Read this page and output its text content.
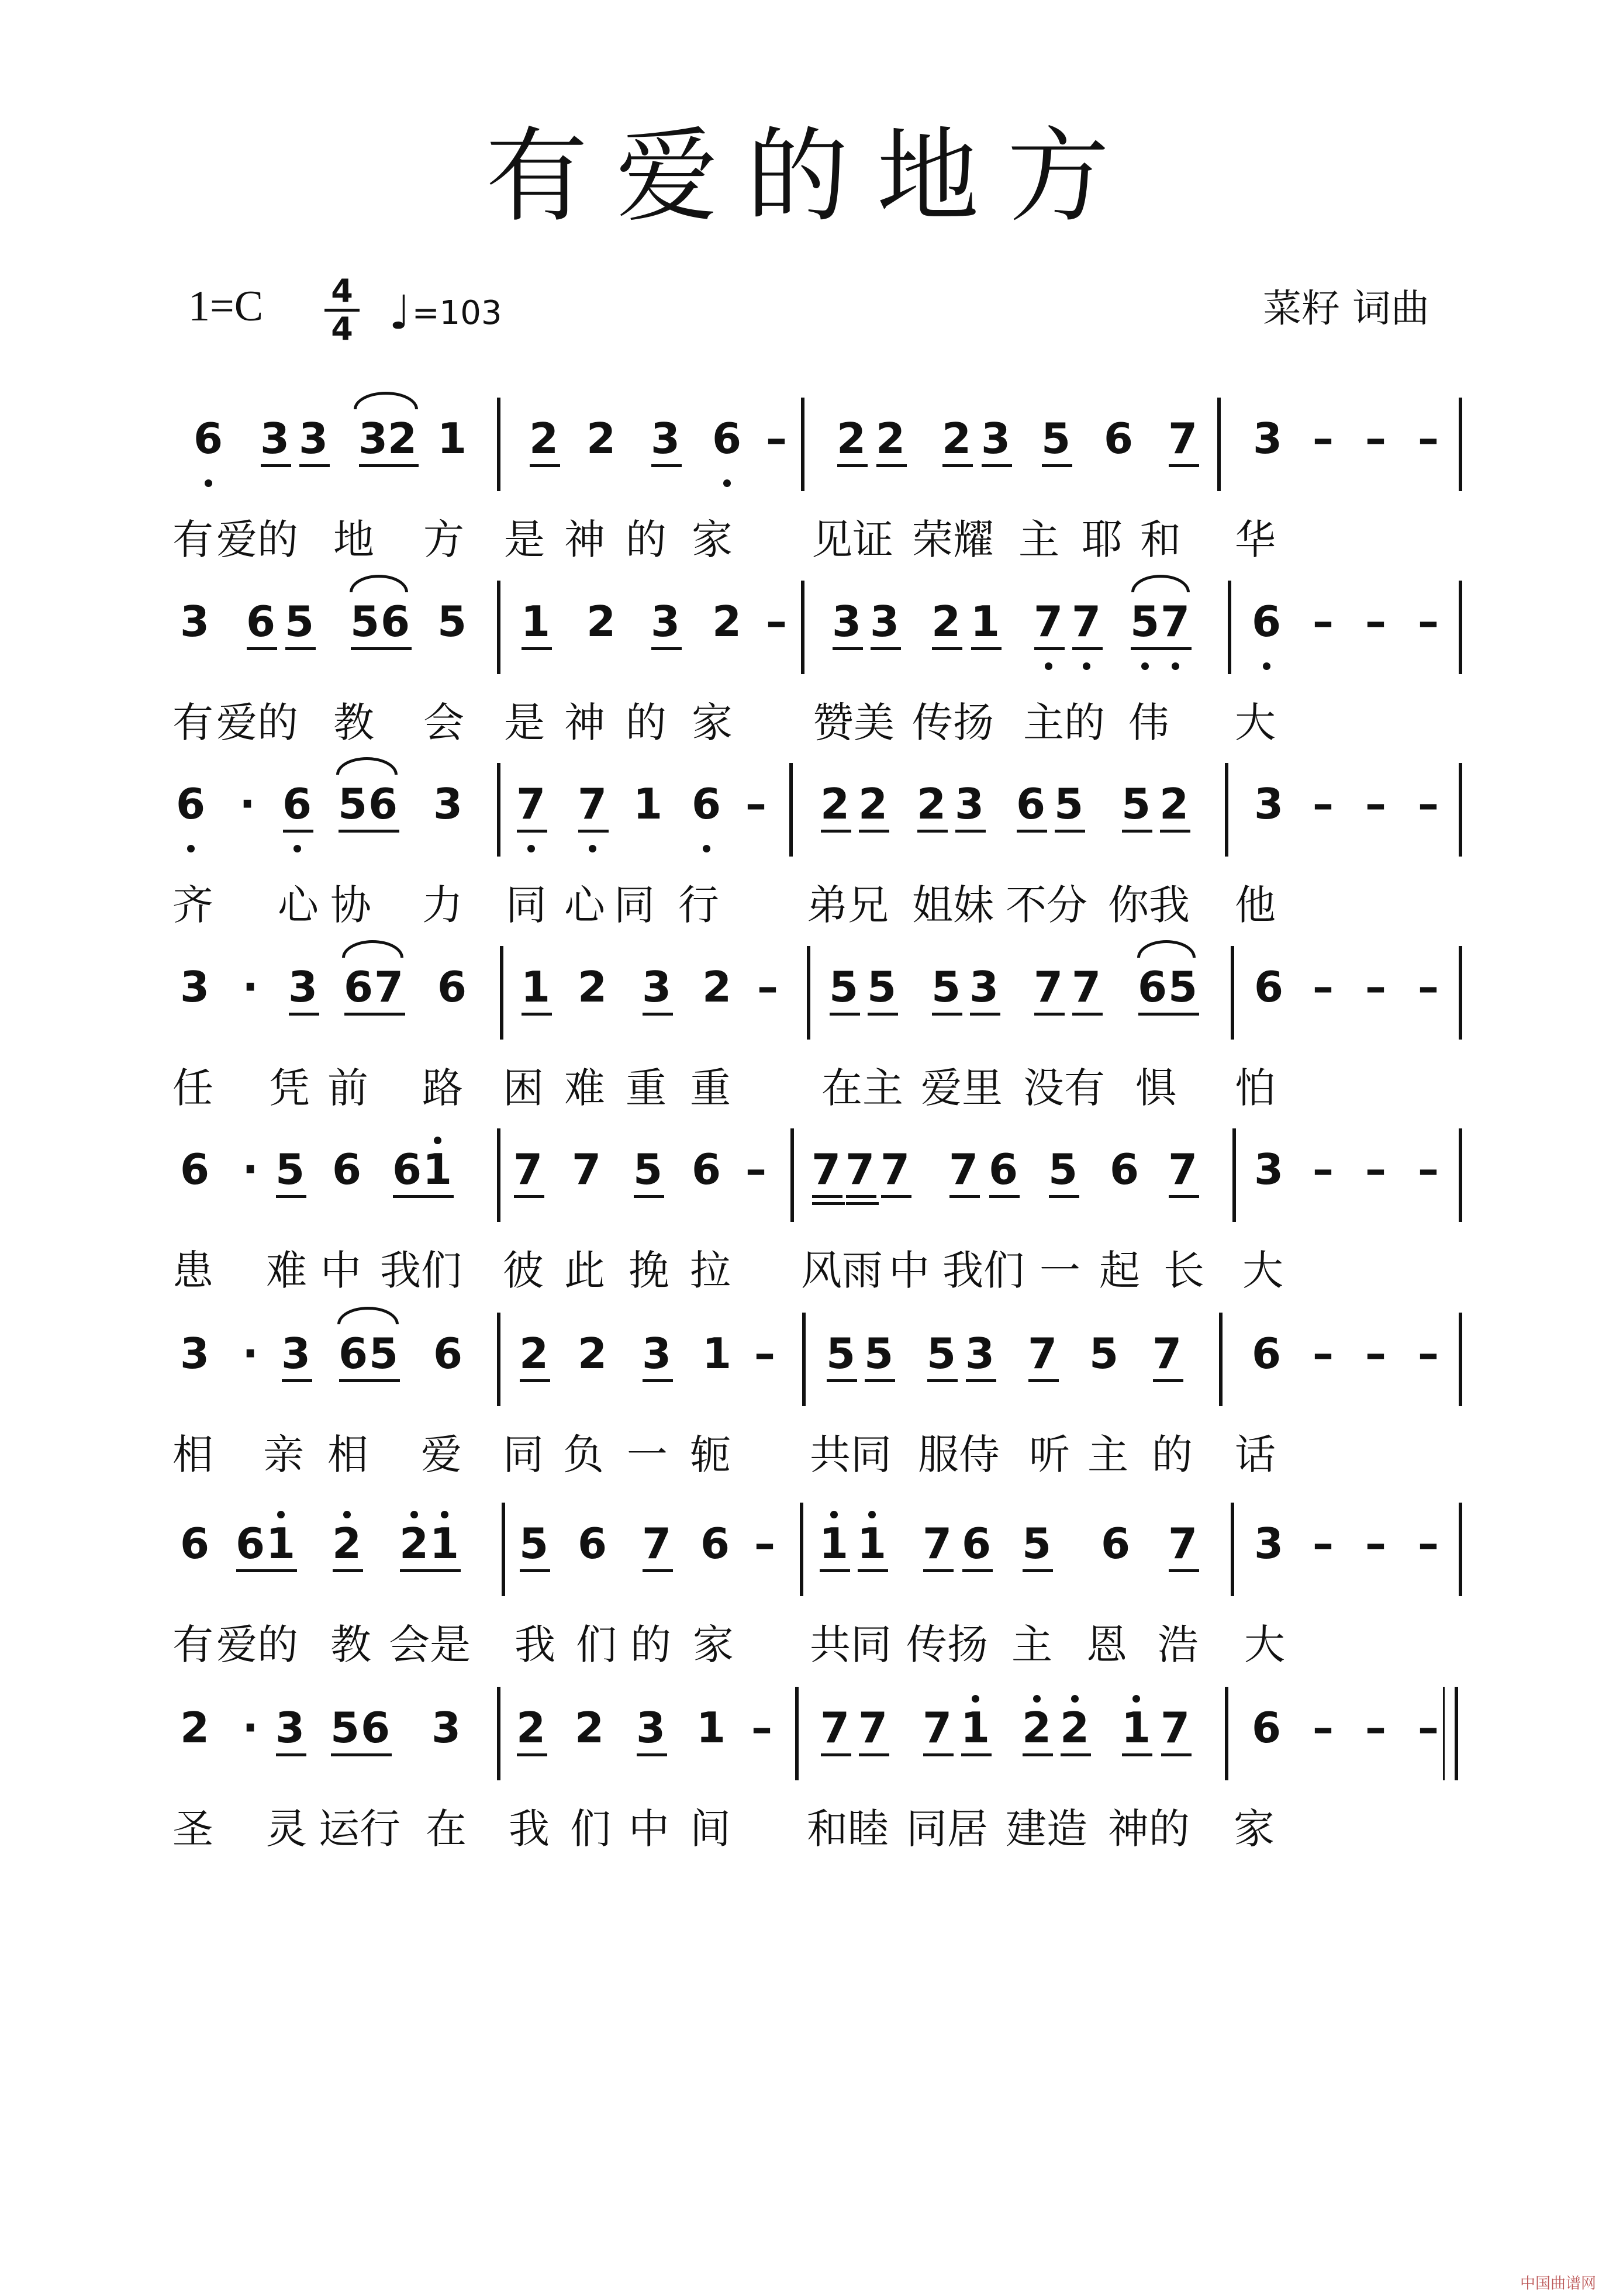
有爱的地方
1=C 4
4 ♩=103	菜籽 词曲
6 3 3 3 2 1 2 2 3 6 – 2 2 2 3 5 6 7 3 – – –
有 爱的 地 方 是 神 的 家 见证 荣耀 主 耶 和 华
3 6 5 5 6 5 1 2 3 2 – 3 3 2 1 7 7 5 7 6 – – –
有 爱的 教 会 是 神 的 家 赞美 传扬 主的 伟 大
6 · 6 5 6 3 7 7 1 6 – 2 2 2 3 6 5 5 2 3 – – –
齐 心 协 力 同 心 同 行 弟兄 姐妹 不分 你我 他
3 · 3 6 7 6 1 2 3 2 – 5 5 5 3 7 7 6 5 6 – – –
任 凭 前 路 困 难 重 重 在主 爱里 没有 惧 怕
6 · 5 6 6 1 7 7 5 6 – 7 7 7 7 6 5 6 7 3 – – –
患 难 中 我们 彼 此 挽 拉 风雨 中 我们 一 起 长 大
3 · 3 6 5 6 2 2 3 1 – 5 5 5 3 7 5 7 6 – – –
相 亲 相 爱 同 负 一 轭 共同 服侍 听 主 的 话
6 6 1 2 2 1 5 6 7 6 – 1 1 7 6 5 6 7 3 – – –
有 爱的 教 会是 我 们 的 家 共同 传扬 主 恩 浩 大
2 · 3 5 6 3 2 2 3 1 – 7 7 7 1 2 2 1 7 6 – – –
圣 灵 运行 在 我 们 中 间 和睦 同居 建造 神的 家
中国曲谱网
